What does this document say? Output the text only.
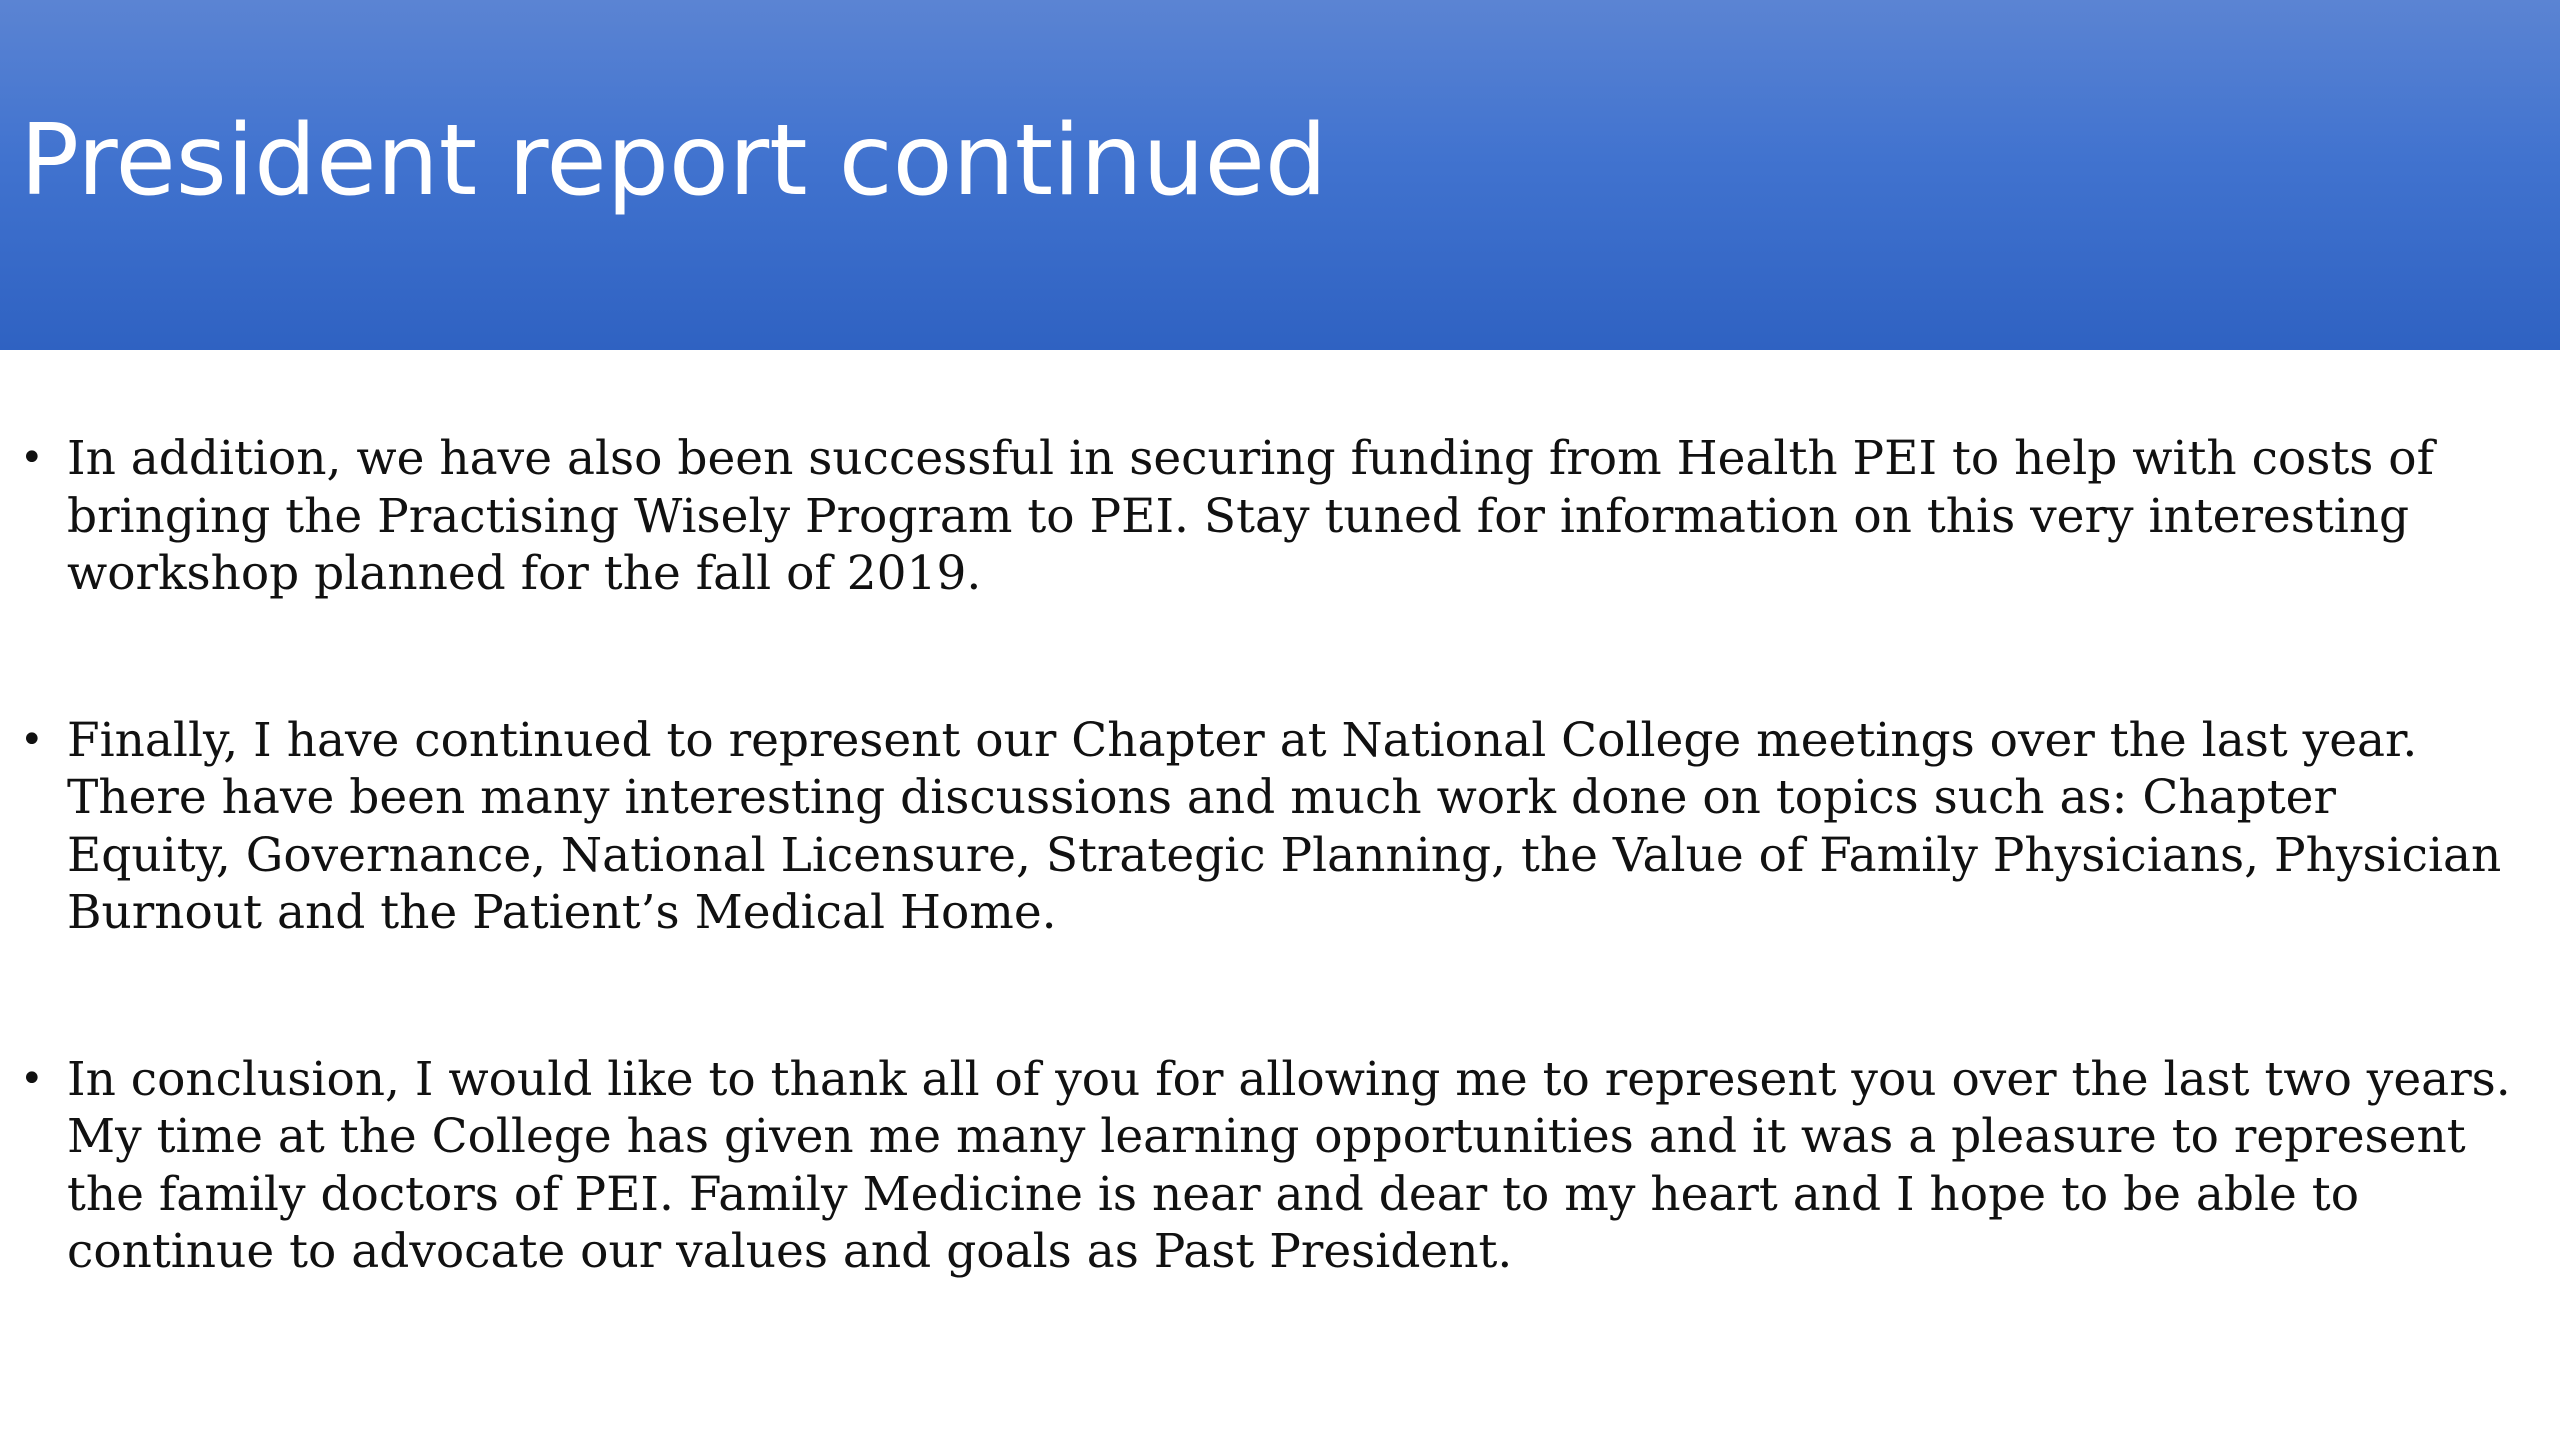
President report continued

• In addition, we have also been successful in securing funding from Health PEI to help with costs of
bringing the Practising Wisely Program to PEI. Stay tuned for information on this very interesting
workshop planned for the fall of 2019.

• Finally, I have continued to represent our Chapter at National College meetings over the last year.
There have been many interesting discussions and much work done on topics such as: Chapter
Equity, Governance, National Licensure, Strategic Planning, the Value of Family Physicians, Physician
Burnout and the Patient’s Medical Home.

• In conclusion, I would like to thank all of you for allowing me to represent you over the last two years.
My time at the College has given me many learning opportunities and it was a pleasure to represent
the family doctors of PEI. Family Medicine is near and dear to my heart and I hope to be able to
continue to advocate our values and goals as Past President.
